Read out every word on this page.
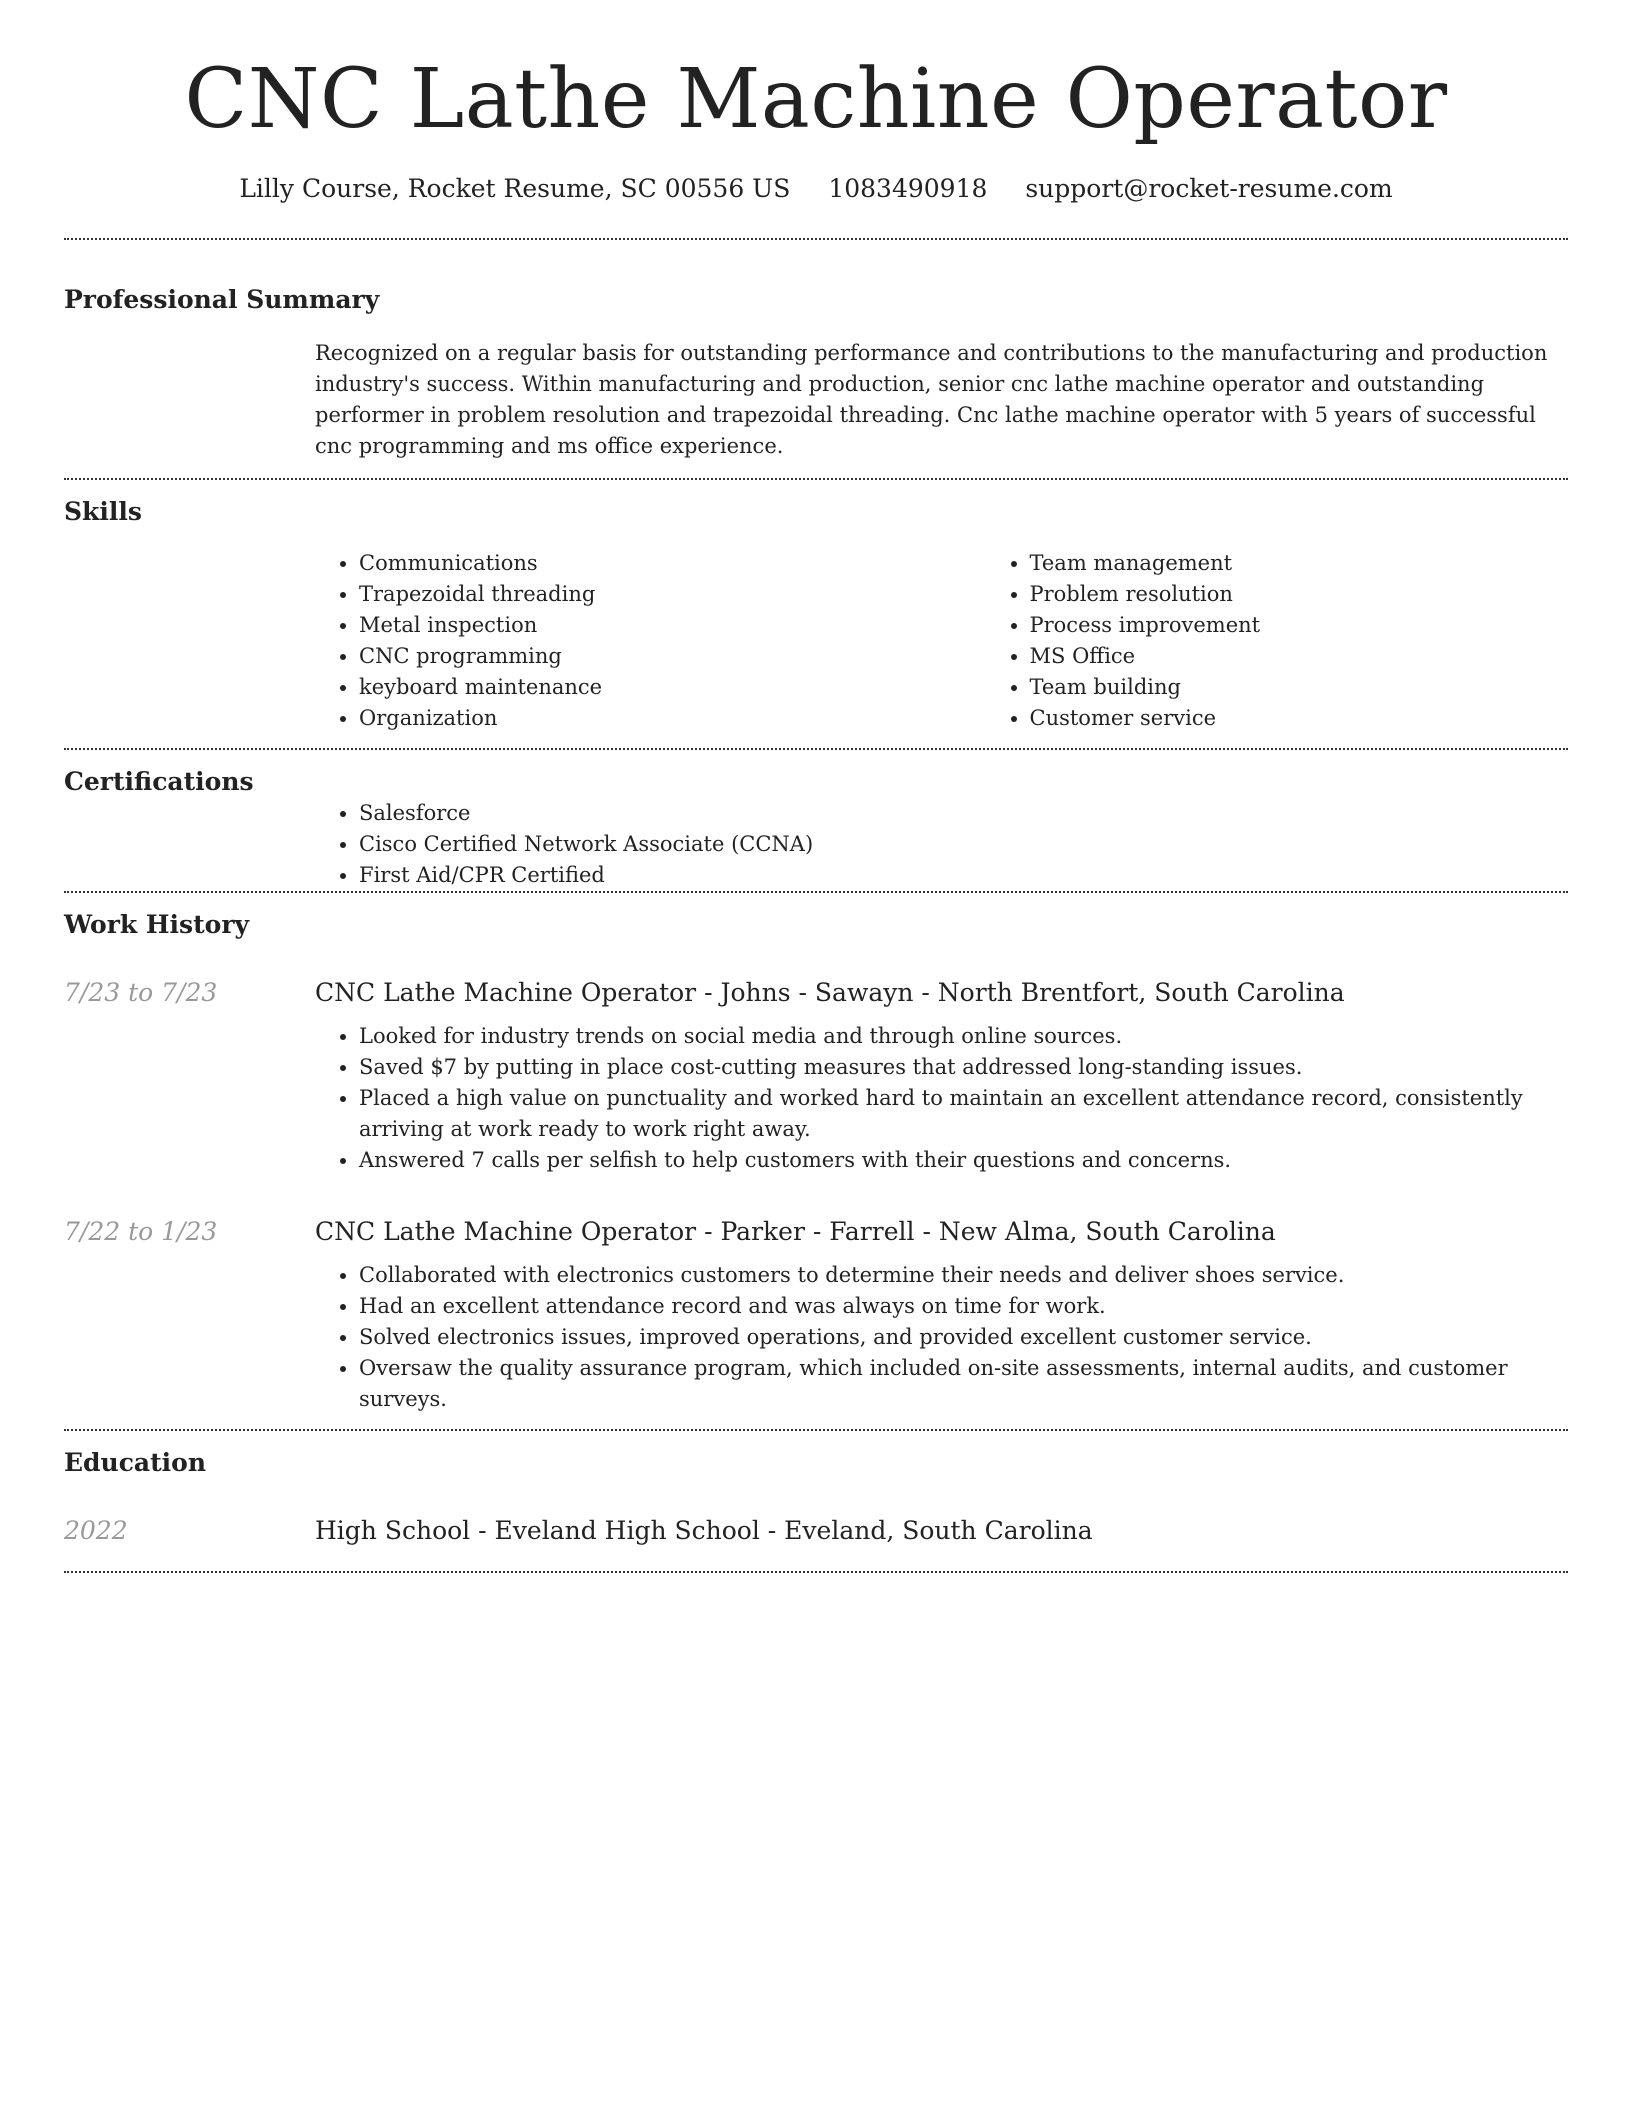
CNC Lathe Machine Operator
Lilly Course, Rocket Resume, SC 00556 US 1083490918 support@rocket-resume.com
Professional Summary

Recognized on a regular basis for outstanding performance and contributions to the manufacturing and production industry's success. Within manufacturing and production, senior cnc lathe machine operator and outstanding performer in problem resolution and trapezoidal threading. Cnc lathe machine operator with 5 years of successful cnc programming and ms office experience.

Skills
• Communications
• Trapezoidal threading
• Metal inspection
• CNC programming
• keyboard maintenance
• Organization
• Team management
• Problem resolution
• Process improvement
• MS Office
• Team building
• Customer service
Certifications
• Salesforce
• Cisco Certified Network Associate (CCNA)
• First Aid/CPR Certified
Work History
7/23 to 7/23	CNC Lathe Machine Operator - Johns - Sawayn - North Brentfort, South Carolina
• Looked for industry trends on social media and through online sources.
• Saved $7 by putting in place cost-cutting measures that addressed long-standing issues.
• Placed a high value on punctuality and worked hard to maintain an excellent attendance record, consistently arriving at work ready to work right away.
• Answered 7 calls per selfish to help customers with their questions and concerns.
7/22 to 1/23	CNC Lathe Machine Operator - Parker - Farrell - New Alma, South Carolina
• Collaborated with electronics customers to determine their needs and deliver shoes service.
• Had an excellent attendance record and was always on time for work.
• Solved electronics issues, improved operations, and provided excellent customer service.
• Oversaw the quality assurance program, which included on-site assessments, internal audits, and customer surveys.
Education
2022	High School - Eveland High School - Eveland, South Carolina
